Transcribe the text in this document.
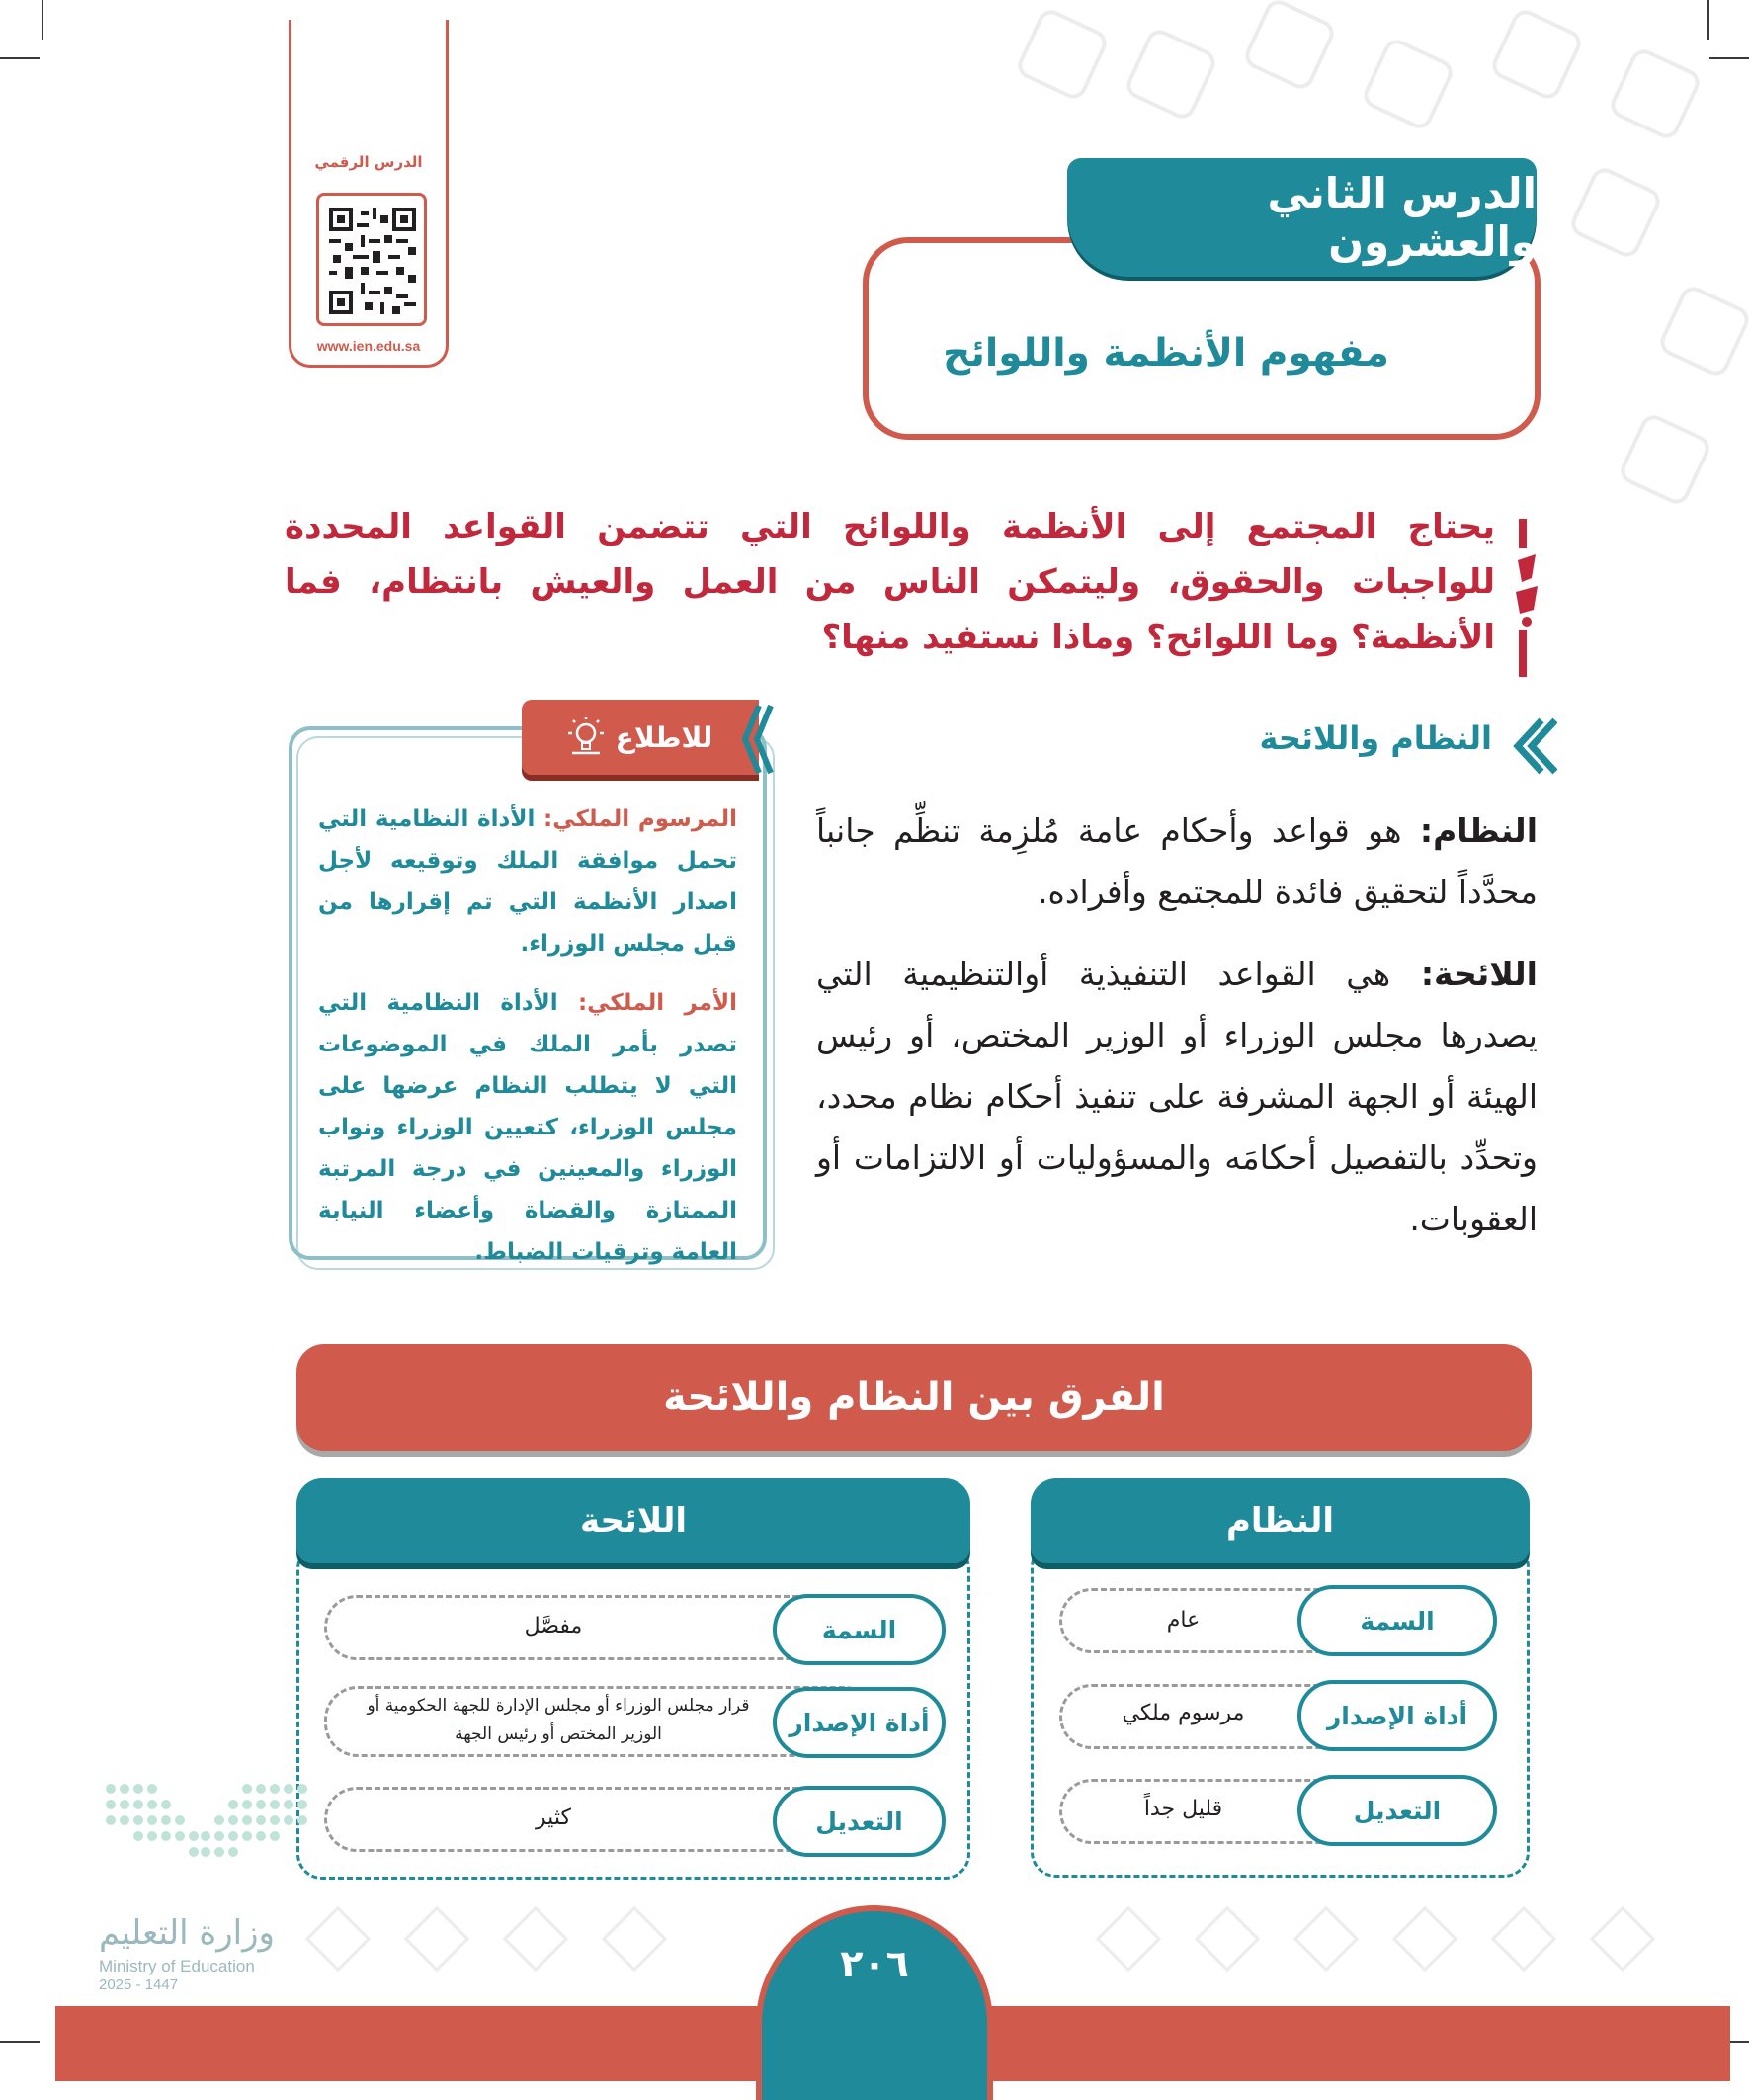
الدرس الرقمي
www.ien.edu.sa
الدرس الثاني والعشرون
مفهوم الأنظمة واللوائح
يحتاج المجتمع إلى الأنظمة واللوائح التي تتضمن القواعد المحددة للواجبات والحقوق، وليتمكن الناس من العمل والعيش بانتظام، فما الأنظمة؟ وما اللوائح؟ وماذا نستفيد منها؟
النظام واللائحة
النظام: هو قواعد وأحكام عامة مُلزِمة تنظِّم جانباً محدَّداً لتحقيق فائدة للمجتمع وأفراده.
اللائحة: هي القواعد التنفيذية أوالتنظيمية التي يصدرها مجلس الوزراء أو الوزير المختص، أو رئيس الهيئة أو الجهة المشرفة على تنفيذ أحكام نظام محدد، وتحدِّد بالتفصيل أحكامَه والمسؤوليات أو الالتزامات أو العقوبات.
للاطلاع
المرسوم الملكي: الأداة النظامية التي تحمل موافقة الملك وتوقيعه لأجل اصدار الأنظمة التي تم إقرارها من قبل مجلس الوزراء.
الأمر الملكي: الأداة النظامية التي تصدر بأمر الملك في الموضوعات التي لا يتطلب النظام عرضها على مجلس الوزراء، كتعيين الوزراء ونواب الوزراء والمعينين في درجة المرتبة الممتازة والقضاة وأعضاء النيابة العامة وترقيات الضباط.
الفرق بين النظام واللائحة
النظام
السمة
عام
أداة الإصدار
مرسوم ملكي
التعديل
قليل جداً
اللائحة
السمة
مفصَّل
أداة الإصدار
قرار مجلس الوزراء أو مجلس الإدارة للجهة الحكومية أو الوزير المختص أو رئيس الجهة
التعديل
كثير
وزارة التعليم
Ministry of Education
2025 - 1447	٢٠٦
